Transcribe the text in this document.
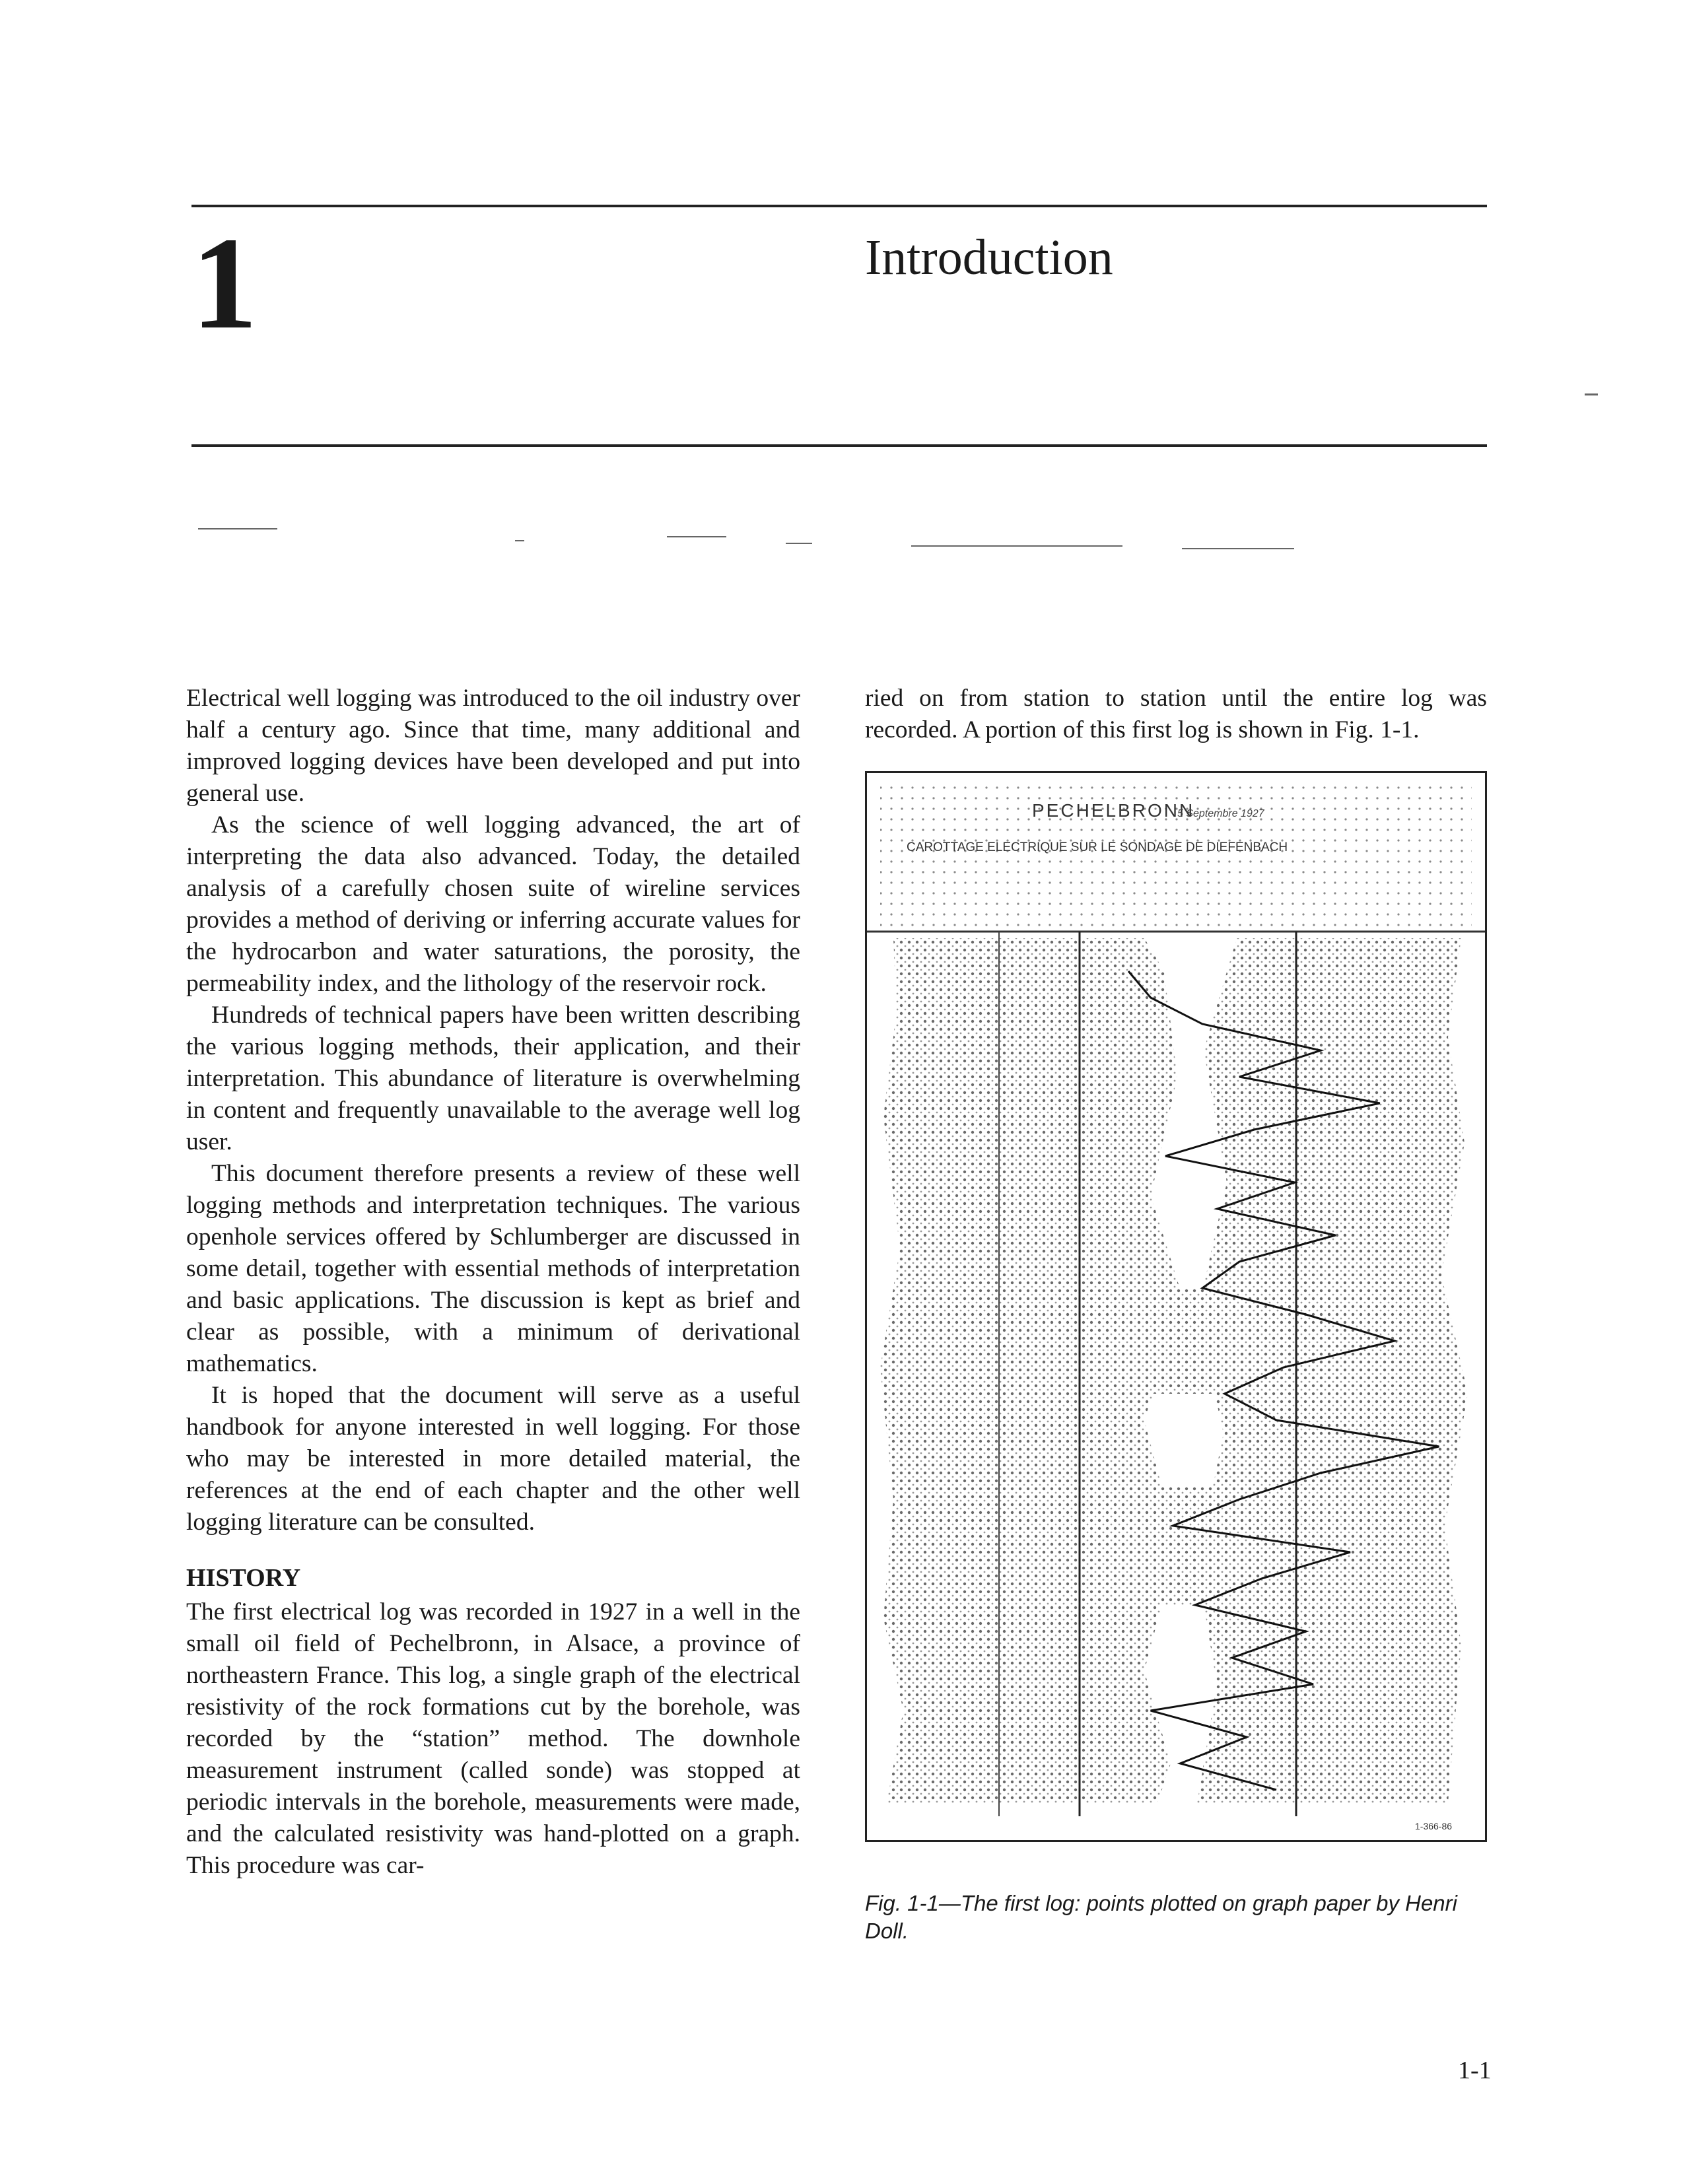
1	Introduction

Electrical well logging was introduced to the oil industry over half a century ago. Since that time, many additional and improved logging devices have been developed and put into general use.

As the science of well logging advanced, the art of interpreting the data also advanced. Today, the detailed analysis of a carefully chosen suite of wireline services provides a method of deriving or inferring accurate values for the hydrocarbon and water saturations, the porosity, the permeability index, and the lithology of the reservoir rock.

Hundreds of technical papers have been written describing the various logging methods, their application, and their interpretation. This abundance of literature is overwhelming in content and frequently unavailable to the average well log user.

This document therefore presents a review of these well logging methods and interpretation techniques. The various openhole services offered by Schlumberger are discussed in some detail, together with essential methods of interpretation and basic applications. The discussion is kept as brief and clear as possible, with a minimum of derivational mathematics.

It is hoped that the document will serve as a useful handbook for anyone interested in well logging. For those who may be interested in more detailed material, the references at the end of each chapter and the other well logging literature can be consulted.

HISTORY

The first electrical log was recorded in 1927 in a well in the small oil field of Pechelbronn, in Alsace, a province of northeastern France. This log, a single graph of the electrical resistivity of the rock formations cut by the borehole, was recorded by the “station” method. The downhole measurement instrument (called sonde) was stopped at periodic intervals in the borehole, measurements were made, and the calculated resistivity was hand-plotted on a graph. This procedure was car-

ried on from station to station until the entire log was recorded. A portion of this first log is shown in Fig. 1-1.

PECHELBRONN
5 Septembre 1927
CAROTTAGE ELECTRIQUE SUR LE SONDAGE DE DIEFENBACH
1-366-86
Fig. 1-1—The first log: points plotted on graph paper by Henri Doll.
1-1
